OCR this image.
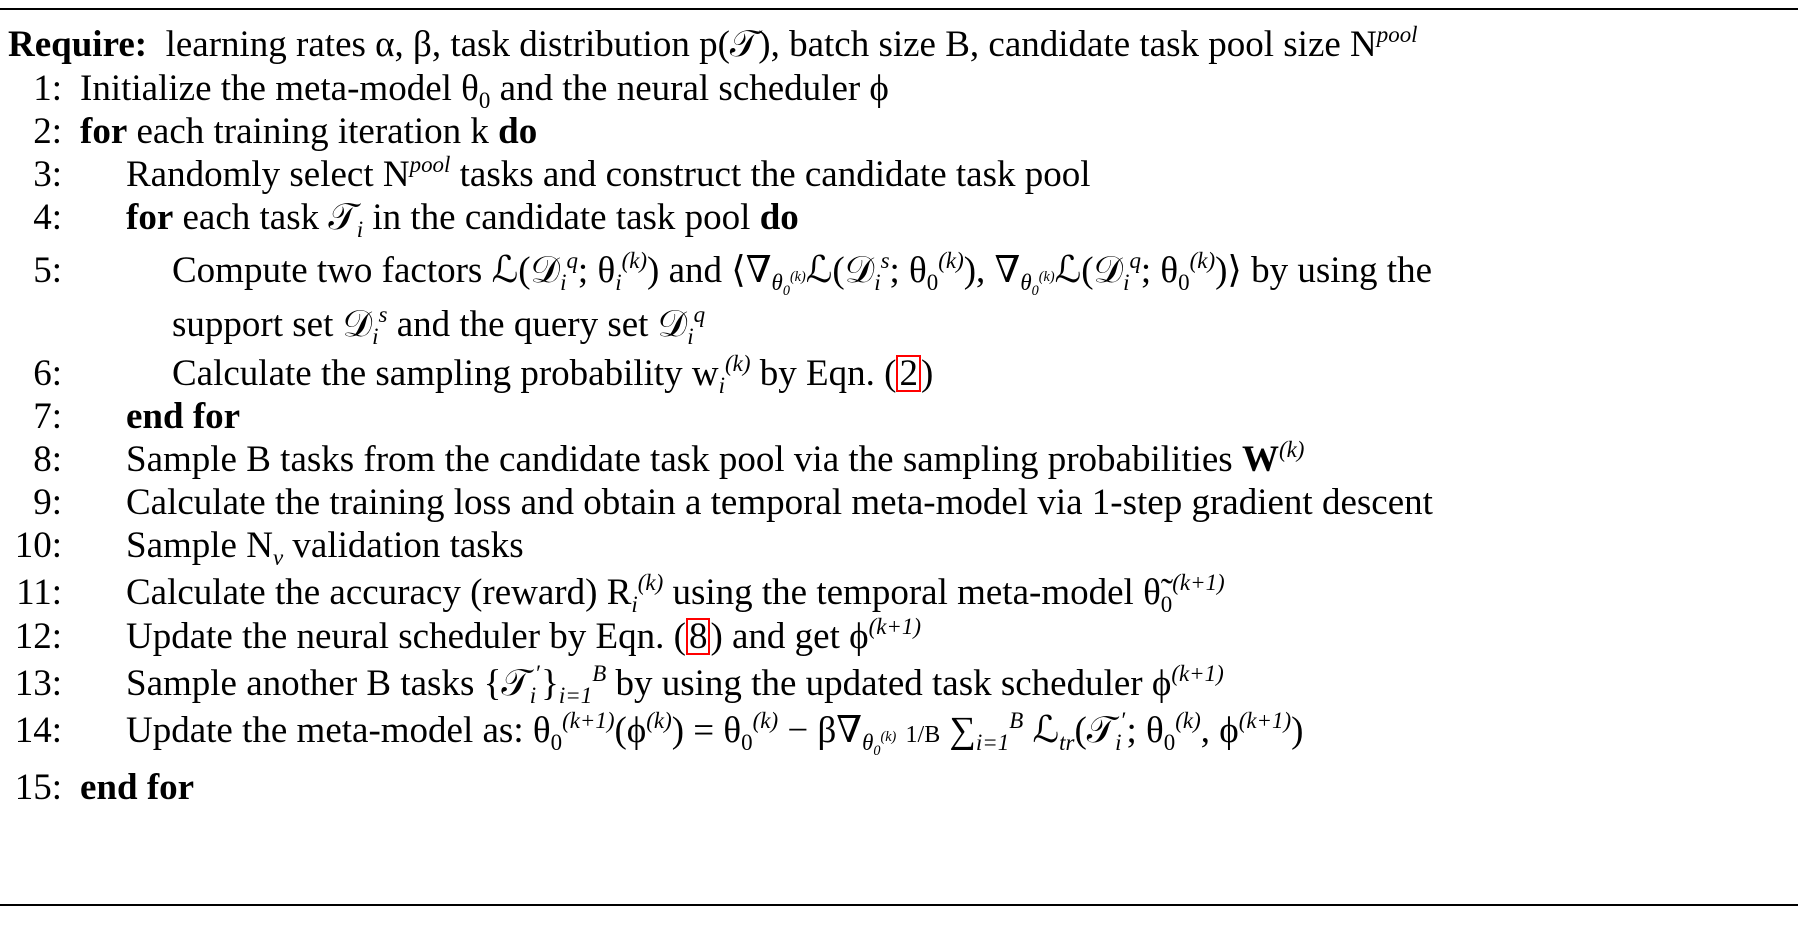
Require: learning rates α, β, task distribution p(𝒯), batch size B, candidate task pool size $N^{pool}$
1: Initialize the meta-model $\theta_0$ and the neural scheduler ϕ
2: for each training iteration k do
3: Randomly select $N^{pool}$ tasks and construct the candidate task pool
4: for each task 𝒯$_i$ in the candidate task pool do
5:	Compute two factors ℒ(𝒟$_i^q$; $\theta_i^{(k)}$) and $⟨\nabla_{\theta_0^{(k)}}ℒ(𝒟_i^s$; $\theta_0^{(k)}$), $\nabla_{\theta_0^{(k)}}ℒ(𝒟_i^q$; $\theta_0^{(k)})⟩$ by using the
support set 𝒟$_i^s$ and the query set 𝒟$_i^q$
6:	Calculate the sampling probability $w_i^{(k)}$ by Eqn. (2)
7: end for
8: Sample B tasks from the candidate task pool via the sampling probabilities $W^{(k)}$
9: Calculate the training loss and obtain a temporal meta-model via 1-step gradient descent
10: Sample $N_v$ validation tasks
11: Calculate the accuracy (reward) $R_i^{(k)}$ using the temporal meta-model $\thetã_0^{(k+1)}$
12: Update the neural scheduler by Eqn. (8) and get $\phi^{(k+1)}$
13: Sample another B tasks $\{𝒯_i'\}_{i=1}^B$ by using the updated task scheduler $\phi^{(k+1)}$
14: Update the meta-model as: $\theta_0^{(k+1)}(\phi^{(k)}) = \theta_0^{(k)} - \beta\nabla_{\theta_0^{(k)}}$ 1/B $\sum_{i=1}^B$ ℒ$_{tr}$(𝒯$_i$′; $\theta_0^{(k)}$, $\phi^{(k+1)}$)
15: end for
